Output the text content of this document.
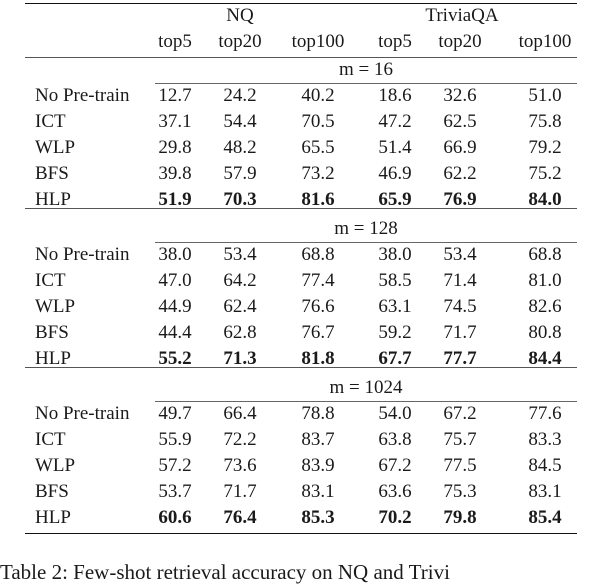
NQ	TriviaQA
top5 top20 top100 top5 top20 top100
m = 16
No Pre-train 12.7 24.2 40.2 18.6 32.6	51.0
ICT	37.1 54.4 70.5 47.2 62.5	75.8
WLP	29.8 48.2 65.5 51.4 66.9	79.2
BFS	39.8 57.9 73.2 46.9 62.2	75.2
HLP	51.9 70.3 81.6 65.9 76.9	84.0
m = 128
No Pre-train 38.0 53.4 68.8 38.0 53.4	68.8
ICT	47.0 64.2 77.4 58.5 71.4	81.0
WLP	44.9 62.4 76.6 63.1 74.5	82.6
BFS	44.4 62.8 76.7 59.2 71.7	80.8
HLP	55.2 71.3 81.8 67.7 77.7	84.4
m = 1024
No Pre-train 49.7 66.4 78.8 54.0 67.2	77.6
ICT	55.9 72.2 83.7 63.8 75.7	83.3
WLP	57.2 73.6 83.9 67.2 77.5	84.5
BFS	53.7 71.7 83.1 63.6 75.3	83.1
HLP	60.6 76.4 85.3 70.2 79.8	85.4
Table 2: Few-shot retrieval accuracy on NQ and Trivi
